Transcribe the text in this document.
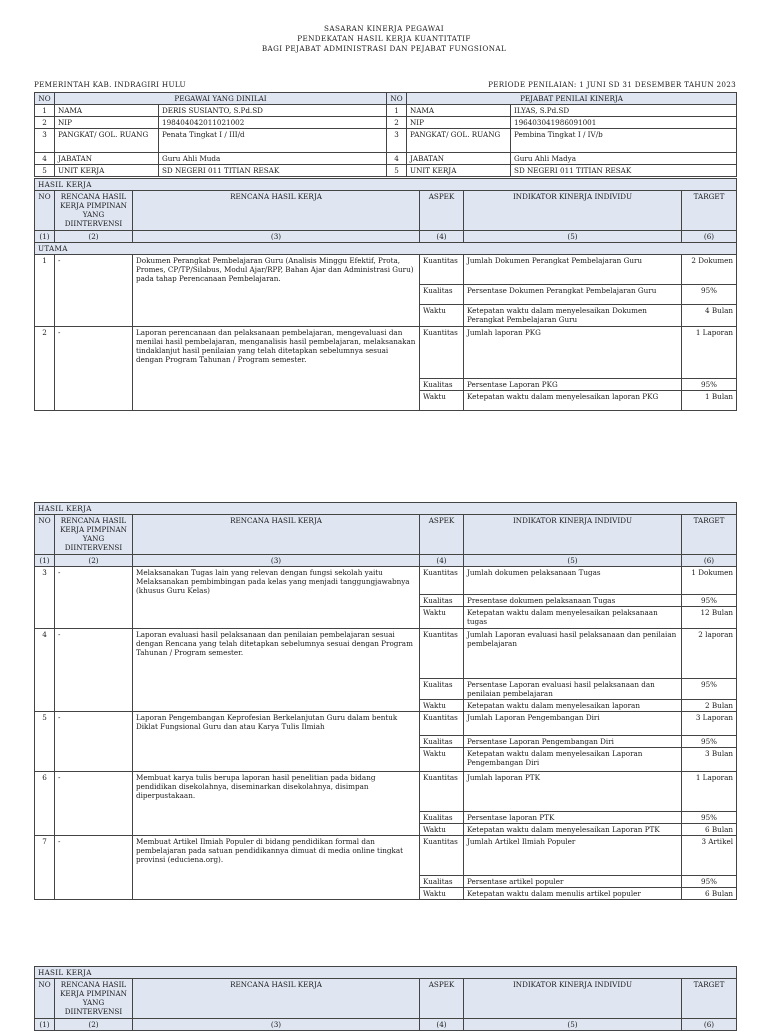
SASARAN KINERJA PEGAWAI
PENDEKATAN HASIL KERJA KUANTITATIF
BAGI PEJABAT ADMINISTRASI DAN PEJABAT FUNGSIONAL
PEMERINTAH KAB. INDRAGIRI HULU	PERIODE PENILAIAN: 1 JUNI SD 31 DESEMBER TAHUN 2023
NO	PEGAWAI YANG DINILAI		NO	PEJABAT PENILAI KINERJA	
1	NAMA	DERIS SUSIANTO, S.Pd.SD	1	NAMA	ILYAS, S.Pd.SD
2	NIP	198404042011021002	2	NIP	196403041986091001
3	PANGKAT/ GOL. RUANG	Penata Tingkat I / III/d	3	PANGKAT/ GOL. RUANG	Pembina Tingkat I / IV/b
4	JABATAN	Guru Ahli Muda	4	JABATAN	Guru Ahli Madya
5	UNIT KERJA	SD NEGERI 011 TITIAN RESAK	5	UNIT KERJA	SD NEGERI 011 TITIAN RESAK
HASIL KERJA					
NO	RENCANA HASIL KERJA PIMPINAN YANG DIINTERVENSI	RENCANA HASIL KERJA	ASPEK	INDIKATOR KINERJA INDIVIDU	TARGET
(1)	(2)	(3)	(4)	(5)	(6)
UTAMA					
1	-	Dokumen Perangkat Pembelajaran Guru (Analisis Minggu Efektif, Prota, Promes, CP/TP/Silabus, Modul Ajar/RPP, Bahan Ajar dan Administrasi Guru) pada tahap Perencanaan Pembelajaran.	Kuantitas	Jumlah Dokumen Perangkat Pembelajaran Guru	2 Dokumen
			Kualitas	Persentase Dokumen Perangkat Pembelajaran Guru	95%
			Waktu	Ketepatan waktu dalam menyelesaikan Dokumen Perangkat Pembelajaran Guru	4 Bulan
2	-	Laporan perencanaan dan pelaksanaan pembelajaran, mengevaluasi dan menilai hasil pembelajaran, menganalisis hasil pembelajaran, melaksanakan tindaklanjut hasil penilaian yang telah ditetapkan sebelumnya sesuai dengan Program Tahunan / Program semester.	Kuantitas	Jumlah laporan PKG	1 Laporan
			Kualitas	Persentase Laporan PKG	95%
			Waktu	Ketepatan waktu dalam menyelesaikan laporan PKG	1 Bulan
HASIL KERJA					
NO	RENCANA HASIL KERJA PIMPINAN YANG DIINTERVENSI	RENCANA HASIL KERJA	ASPEK	INDIKATOR KINERJA INDIVIDU	TARGET
(1)	(2)	(3)	(4)	(5)	(6)
3	-	Melaksanakan Tugas lain yang relevan dengan fungsi sekolah yaitu Melaksanakan pembimbingan pada kelas yang menjadi tanggungjawabnya (khusus Guru Kelas)	Kuantitas	Jumlah dokumen pelaksanaan Tugas	1 Dokumen
			Kualitas	Presentase dokumen pelaksanaan Tugas	95%
			Waktu	Ketepatan waktu dalam menyelesaikan pelaksanaan tugas	12 Bulan
4	-	Laporan evaluasi hasil pelaksanaan dan penilaian pembelajaran sesuai dengan Rencana yang telah ditetapkan sebelumnya sesuai dengan Program Tahunan / Program semester.	Kuantitas	Jumlah Laporan evaluasi hasil pelaksanaan dan penilaian pembelajaran	2 laporan
			Kualitas	Persentase Laporan evaluasi hasil pelaksanaan dan penilaian pembelajaran	95%
			Waktu	Ketepatan waktu dalam menyelesaikan laporan	2 Bulan
5	-	Laporan Pengembangan Keprofesian Berkelanjutan Guru dalam bentuk Diklat Fungsional Guru dan atau Karya Tulis Ilmiah	Kuantitas	Jumlah Laporan Pengembangan Diri	3 Laporan
			Kualitas	Persentase Laporan Pengembangan Diri	95%
			Waktu	Ketepatan waktu dalam menyelesaikan Laporan Pengembangan Diri	3 Bulan
6	-	Membuat karya tulis berupa laporan hasil penelitian pada bidang pendidikan disekolahnya, diseminarkan disekolahnya, disimpan diperpustakaan.	Kuantitas	Jumlah laporan PTK	1 Laporan
			Kualitas	Persentase laporan PTK	95%
			Waktu	Ketepatan waktu dalam menyelesaikan Laporan PTK	6 Bulan
7	-	Membuat Artikel Ilmiah Populer di bidang pendidikan formal dan pembelajaran pada satuan pendidikannya dimuat di media online tingkat provinsi (educiena.org).	Kuantitas	Jumlah Artikel Ilmiah Populer	3 Artikel
			Kualitas	Persentase artikel populer	95%
			Waktu	Ketepatan waktu dalam menulis artikel populer	6 Bulan
HASIL KERJA					
NO	RENCANA HASIL KERJA PIMPINAN YANG DIINTERVENSI	RENCANA HASIL KERJA	ASPEK	INDIKATOR KINERJA INDIVIDU	TARGET
(1)	(2)	(3)	(4)	(5)	(6)
